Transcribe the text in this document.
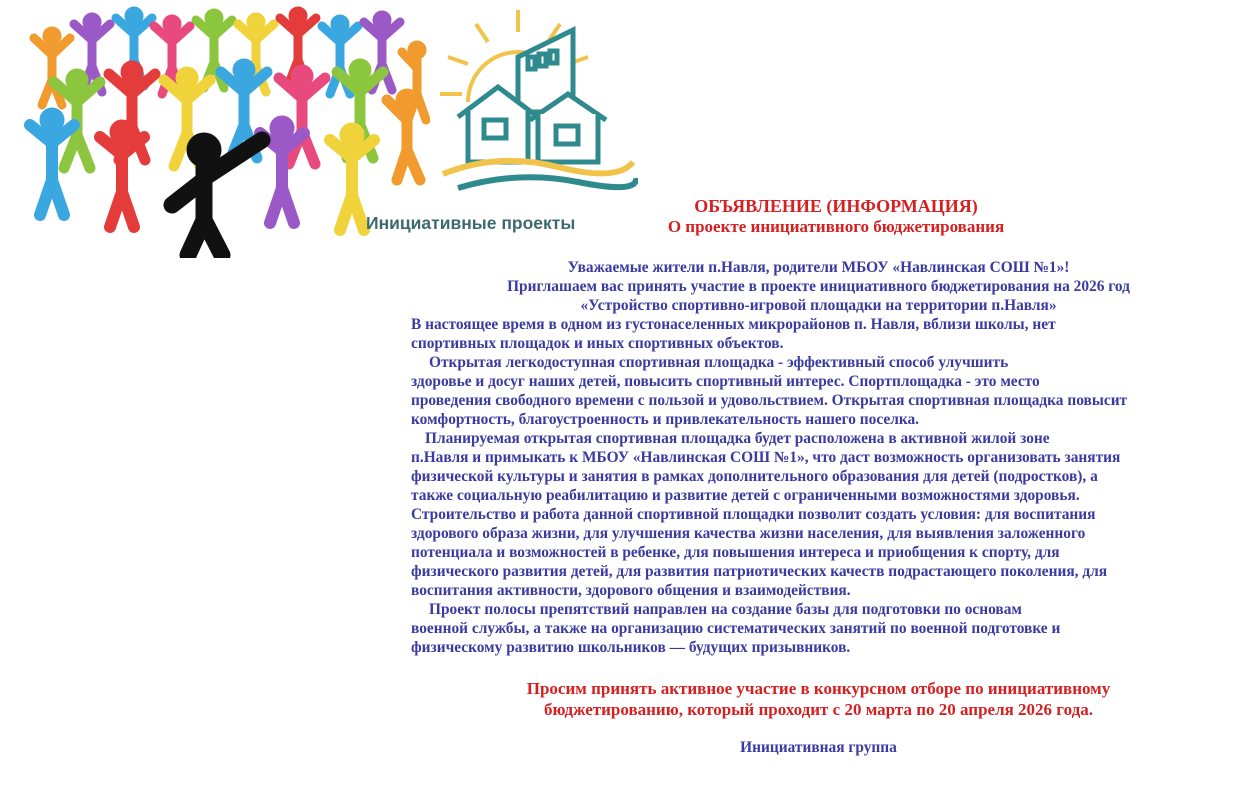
Инициативные проекты
ОБЪЯВЛЕНИЕ (ИНФОРМАЦИЯ)
О проекте инициативного бюджетирования
Уважаемые жители п.Навля, родители МБОУ «Навлинская СОШ №1»!
Приглашаем вас принять участие в проекте инициативного бюджетирования на 2026 год
«Устройство спортивно-игровой площадки на территории п.Навля»
В настоящее время в одном из густонаселенных микрорайонов п. Навля, вблизи школы, нет
спортивных площадок и иных спортивных объектов.
Открытая легкодоступная спортивная площадка - эффективный способ улучшить
здоровье и досуг наших детей, повысить спортивный интерес. Спортплощадка - это место
проведения свободного времени с пользой и удовольствием. Открытая спортивная площадка повысит
комфортность, благоустроенность и привлекательность нашего поселка.
Планируемая открытая спортивная площадка будет расположена в активной жилой зоне
п.Навля и примыкать к МБОУ «Навлинская СОШ №1», что даст возможность организовать занятия
физической культуры и занятия в рамках дополнительного образования для детей (подростков), а
также социальную реабилитацию и развитие детей с ограниченными возможностями здоровья.
Строительство и работа данной спортивной площадки позволит создать условия: для воспитания
здорового образа жизни, для улучшения качества жизни населения, для выявления заложенного
потенциала и возможностей в ребенке, для повышения интереса и приобщения к спорту, для
физического развития детей, для развития патриотических качеств подрастающего поколения, для
воспитания активности, здорового общения и взаимодействия.
Проект полосы препятствий направлен на создание базы для подготовки по основам
военной службы, а также на организацию систематических занятий по военной подготовке и
физическому развитию школьников — будущих призывников.
Просим принять активное участие в конкурсном отборе по инициативному
бюджетированию, который проходит с 20 марта по 20 апреля 2026 года.
Инициативная группа
